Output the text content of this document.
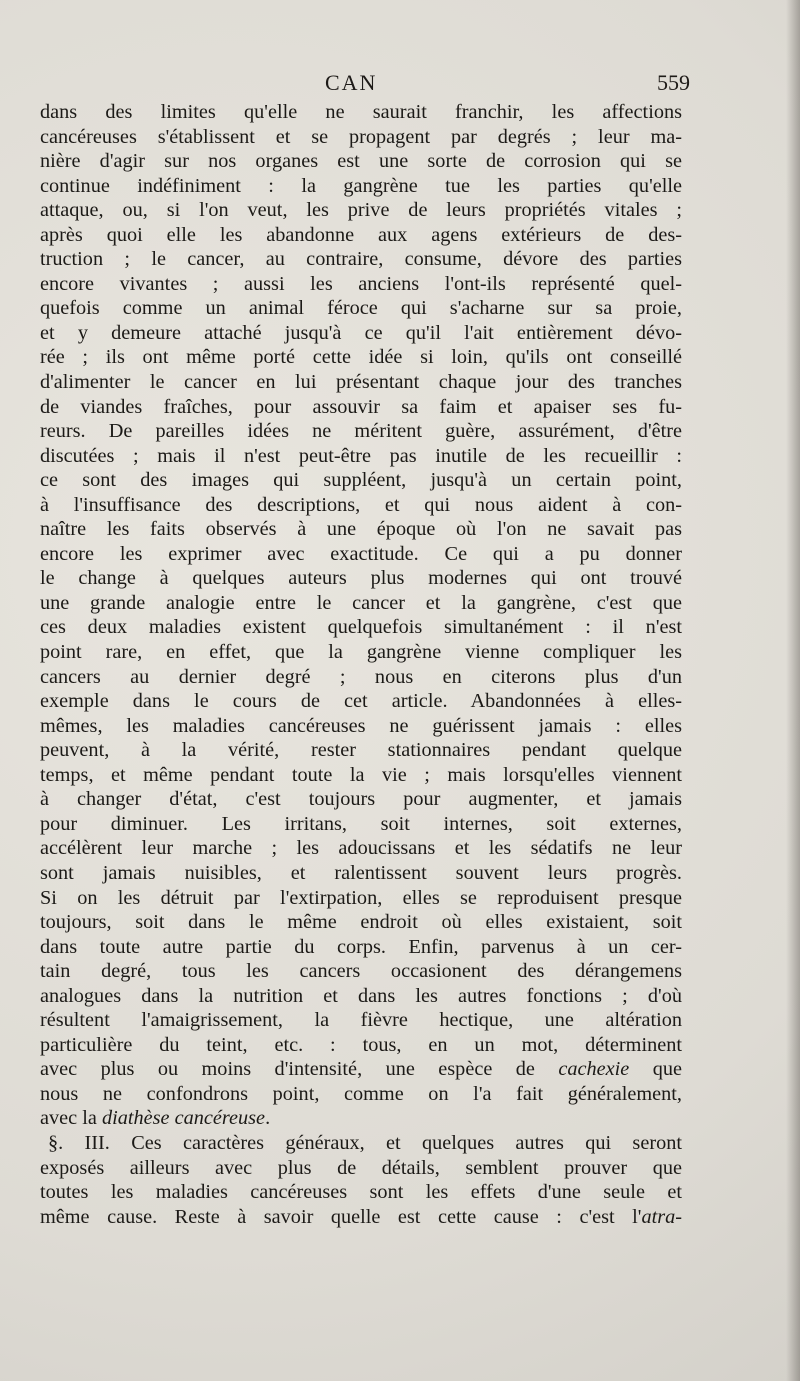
CAN	559
dans des limites qu'elle ne saurait franchir, les affections
cancéreuses s'établissent et se propagent par degrés ; leur ma-
nière d'agir sur nos organes est une sorte de corrosion qui se
continue indéfiniment : la gangrène tue les parties qu'elle
attaque, ou, si l'on veut, les prive de leurs propriétés vitales ;
après quoi elle les abandonne aux agens extérieurs de des-
truction ; le cancer, au contraire, consume, dévore des parties
encore vivantes ; aussi les anciens l'ont-ils représenté quel-
quefois comme un animal féroce qui s'acharne sur sa proie,
et y demeure attaché jusqu'à ce qu'il l'ait entièrement dévo-
rée ; ils ont même porté cette idée si loin, qu'ils ont conseillé
d'alimenter le cancer en lui présentant chaque jour des tranches
de viandes fraîches, pour assouvir sa faim et apaiser ses fu-
reurs. De pareilles idées ne méritent guère, assurément, d'être
discutées ; mais il n'est peut-être pas inutile de les recueillir :
ce sont des images qui suppléent, jusqu'à un certain point,
à l'insuffisance des descriptions, et qui nous aident à con-
naître les faits observés à une époque où l'on ne savait pas
encore les exprimer avec exactitude. Ce qui a pu donner
le change à quelques auteurs plus modernes qui ont trouvé
une grande analogie entre le cancer et la gangrène, c'est que
ces deux maladies existent quelquefois simultanément : il n'est
point rare, en effet, que la gangrène vienne compliquer les
cancers au dernier degré ; nous en citerons plus d'un
exemple dans le cours de cet article. Abandonnées à elles-
mêmes, les maladies cancéreuses ne guérissent jamais : elles
peuvent, à la vérité, rester stationnaires pendant quelque
temps, et même pendant toute la vie ; mais lorsqu'elles viennent
à changer d'état, c'est toujours pour augmenter, et jamais
pour diminuer. Les irritans, soit internes, soit externes,
accélèrent leur marche ; les adoucissans et les sédatifs ne leur
sont jamais nuisibles, et ralentissent souvent leurs progrès.
Si on les détruit par l'extirpation, elles se reproduisent presque
toujours, soit dans le même endroit où elles existaient, soit
dans toute autre partie du corps. Enfin, parvenus à un cer-
tain degré, tous les cancers occasionent des dérangemens
analogues dans la nutrition et dans les autres fonctions ; d'où
résultent l'amaigrissement, la fièvre hectique, une altération
particulière du teint, etc. : tous, en un mot, déterminent
avec plus ou moins d'intensité, une espèce de cachexie que
nous ne confondrons point, comme on l'a fait généralement,
avec la diathèse cancéreuse.
§. III. Ces caractères généraux, et quelques autres qui seront
exposés ailleurs avec plus de détails, semblent prouver que
toutes les maladies cancéreuses sont les effets d'une seule et
même cause. Reste à savoir quelle est cette cause : c'est l'atra-
